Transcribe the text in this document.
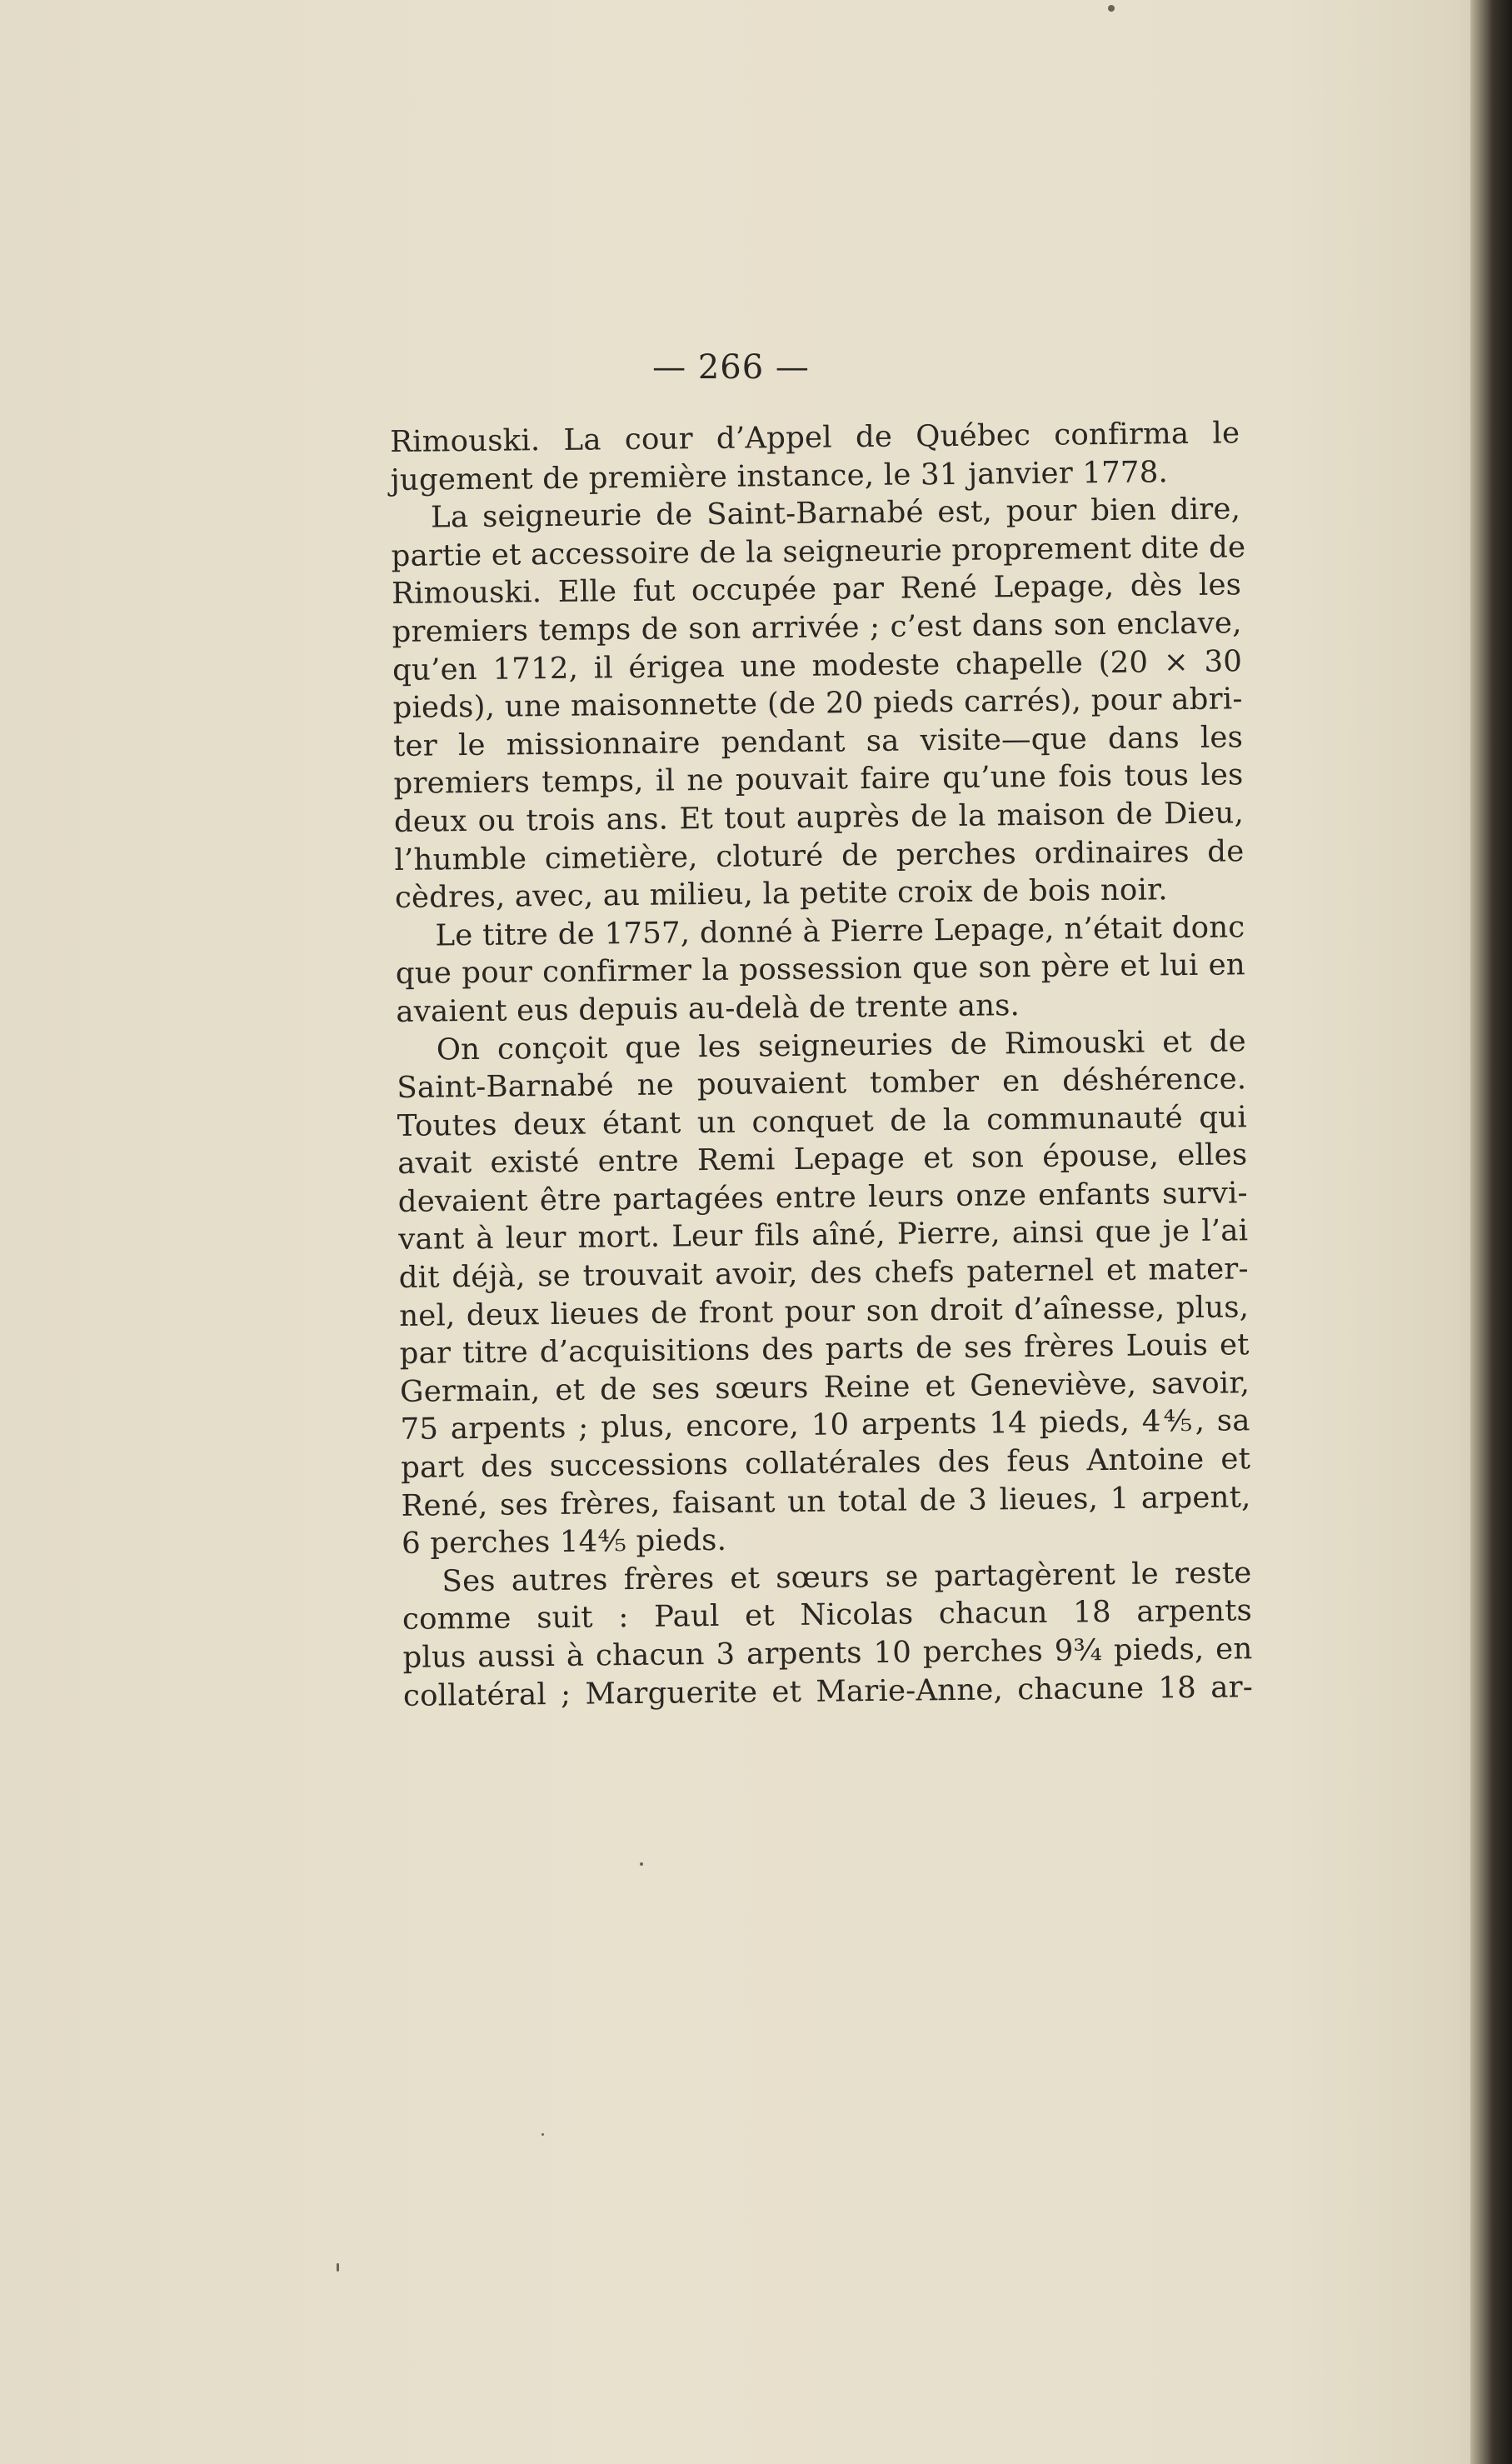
— 266 —
Rimouski. La cour d’Appel de Québec confirma le
jugement de première instance, le 31 janvier 1778.
La seigneurie de Saint-Barnabé est, pour bien dire,
partie et accessoire de la seigneurie proprement dite de
Rimouski. Elle fut occupée par René Lepage, dès les
premiers temps de son arrivée ; c’est dans son enclave,
qu’en 1712, il érigea une modeste chapelle (20 × 30
pieds), une maisonnette (de 20 pieds carrés), pour abri-
ter le missionnaire pendant sa visite—que dans les
premiers temps, il ne pouvait faire qu’une fois tous les
deux ou trois ans. Et tout auprès de la maison de Dieu,
l’humble cimetière, cloturé de perches ordinaires de
cèdres, avec, au milieu, la petite croix de bois noir.
Le titre de 1757, donné à Pierre Lepage, n’était donc
que pour confirmer la possession que son père et lui en
avaient eus depuis au-delà de trente ans.
On conçoit que les seigneuries de Rimouski et de
Saint-Barnabé ne pouvaient tomber en déshérence.
Toutes deux étant un conquet de la communauté qui
avait existé entre Remi Lepage et son épouse, elles
devaient être partagées entre leurs onze enfants survi-
vant à leur mort. Leur fils aîné, Pierre, ainsi que je l’ai
dit déjà, se trouvait avoir, des chefs paternel et mater-
nel, deux lieues de front pour son droit d’aînesse, plus,
par titre d’acquisitions des parts de ses frères Louis et
Germain, et de ses sœurs Reine et Geneviève, savoir,
75 arpents ; plus, encore, 10 arpents 14 pieds, 4⅘, sa
part des successions collatérales des feus Antoine et
René, ses frères, faisant un total de 3 lieues, 1 arpent,
6 perches 14⅘ pieds.
Ses autres frères et sœurs se partagèrent le reste
comme suit : Paul et Nicolas chacun 18 arpents
plus aussi à chacun 3 arpents 10 perches 9¾ pieds, en
collatéral ; Marguerite et Marie-Anne, chacune 18 ar-
